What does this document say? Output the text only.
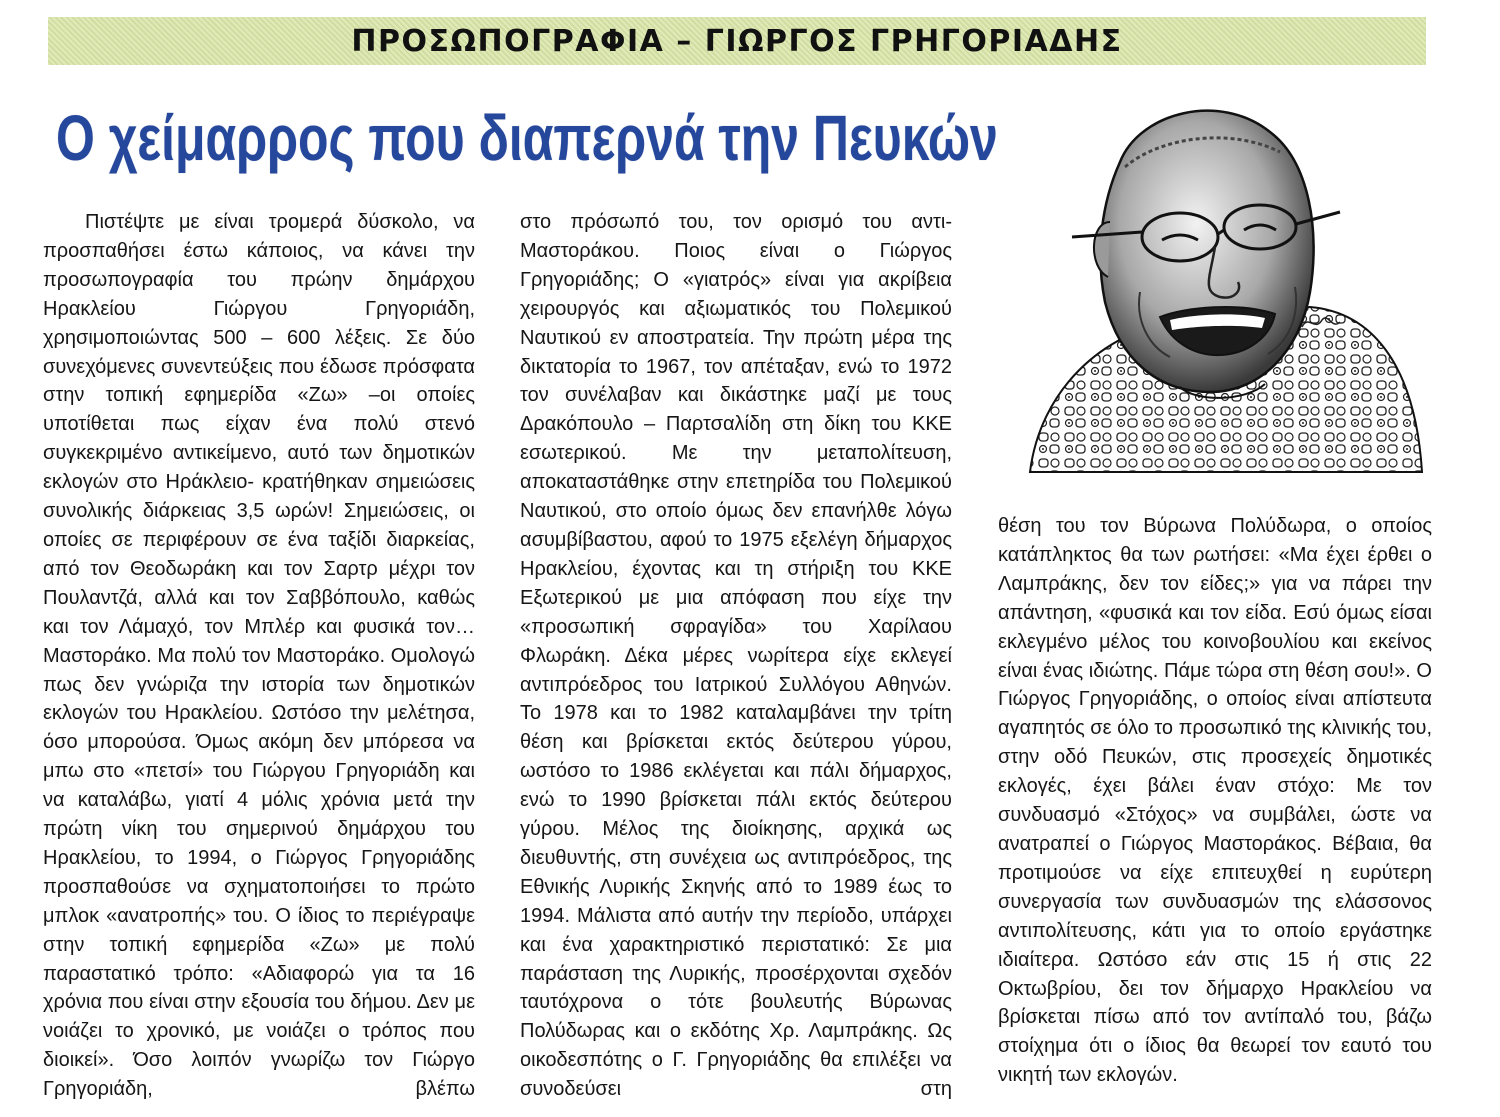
ΠΡΟΣΩΠΟΓΡΑΦΙΑ – ΓΙΩΡΓΟΣ ΓΡΗΓΟΡΙΑΔΗΣ
Ο χείμαρρος που διαπερνά την Πευκών

Πιστέψτε με είναι τρομερά δύσκολο, να προσπαθήσει έστω κάποιος, να κάνει την προσωπογραφία του πρώην δημάρχου Ηρακλείου Γιώργου Γρηγοριάδη, χρησιμοποιώντας 500 – 600 λέξεις. Σε δύο συνεχόμενες συνεντεύξεις που έδωσε πρόσφατα στην τοπική εφημερίδα «Ζω» –οι οποίες υποτίθεται πως είχαν ένα πολύ στενό συγκεκριμένο αντικείμενο, αυτό των δημοτικών εκλογών στο Ηράκλειο- κρατήθηκαν σημειώσεις συνολικής διάρκειας 3,5 ωρών! Σημειώσεις, οι οποίες σε περιφέρουν σε ένα ταξίδι διαρκείας, από τον Θεοδωράκη και τον Σαρτρ μέχρι τον Πουλαντζά, αλλά και τον Σαββόπουλο, καθώς και τον Λάμαχό, τον Μπλέρ και φυσικά τον… Μαστοράκο. Μα πολύ τον Μαστοράκο. Ομολογώ πως δεν γνώριζα την ιστορία των δημοτικών εκλογών του Ηρακλείου. Ωστόσο την μελέτησα, όσο μπορούσα. Όμως ακόμη δεν μπόρεσα να μπω στο «πετσί» του Γιώργου Γρηγοριάδη και να καταλάβω, γιατί 4 μόλις χρόνια μετά την πρώτη νίκη του σημερινού δημάρχου του Ηρακλείου, το 1994, ο Γιώργος Γρηγοριάδης προσπαθούσε να σχηματοποιήσει το πρώτο μπλοκ «ανατροπής» του. Ο ίδιος το περιέγραψε στην τοπική εφημερίδα «Ζω» με πολύ παραστατικό τρόπο: «Αδιαφορώ για τα 16 χρόνια που είναι στην εξουσία του δήμου. Δεν με νοιάζει το χρονικό, με νοιάζει ο τρόπος που διοικεί». Όσο λοιπόν γνωρίζω τον Γιώργο Γρηγοριάδη, βλέπω

στο πρόσωπό του, τον ορισμό του αντι-Μαστοράκου. Ποιος είναι ο Γιώργος Γρηγοριάδης; Ο «γιατρός» είναι για ακρίβεια χειρουργός και αξιωματικός του Πολεμικού Ναυτικού εν αποστρατεία. Την πρώτη μέρα της δικτατορία το 1967, τον απέταξαν, ενώ το 1972 τον συνέλαβαν και δικάστηκε μαζί με τους Δρακόπουλο – Παρτσαλίδη στη δίκη του ΚΚΕ εσωτερικού. Με την μεταπολίτευση, αποκαταστάθηκε στην επετηρίδα του Πολεμικού Ναυτικού, στο οποίο όμως δεν επανήλθε λόγω ασυμβίβαστου, αφού το 1975 εξελέγη δήμαρχος Ηρακλείου, έχοντας και τη στήριξη του ΚΚΕ Εξωτερικού με μια απόφαση που είχε την «προσωπική σφραγίδα» του Χαρίλαου Φλωράκη. Δέκα μέρες νωρίτερα είχε εκλεγεί αντιπρόεδρος του Ιατρικού Συλλόγου Αθηνών. Το 1978 και το 1982 καταλαμβάνει την τρίτη θέση και βρίσκεται εκτός δεύτερου γύρου, ωστόσο το 1986 εκλέγεται και πάλι δήμαρχος, ενώ το 1990 βρίσκεται πάλι εκτός δεύτερου γύρου. Μέλος της διοίκησης, αρχικά ως διευθυντής, στη συνέχεια ως αντιπρόεδρος, της Εθνικής Λυρικής Σκηνής από το 1989 έως το 1994. Μάλιστα από αυτήν την περίοδο, υπάρχει και ένα χαρακτηριστικό περιστατικό: Σε μια παράσταση της Λυρικής, προσέρχονται σχεδόν ταυτόχρονα ο τότε βουλευτής Βύρωνας Πολύδωρας και ο εκδότης Χρ. Λαμπράκης. Ως οικοδεσπότης ο Γ. Γρηγοριάδης θα επιλέξει να συνοδεύσει στη

θέση του τον Βύρωνα Πολύδωρα, ο οποίος κατάπληκτος θα των ρωτήσει: «Μα έχει έρθει ο Λαμπράκης, δεν τον είδες;» για να πάρει την απάντηση, «φυσικά και τον είδα. Εσύ όμως είσαι εκλεγμένο μέλος του κοινοβουλίου και εκείνος είναι ένας ιδιώτης. Πάμε τώρα στη θέση σου!». Ο Γιώργος Γρηγοριάδης, ο οποίος είναι απίστευτα αγαπητός σε όλο το προσωπικό της κλινικής του, στην οδό Πευκών, στις προσεχείς δημοτικές εκλογές, έχει βάλει έναν στόχο: Με τον συνδυασμό «Στόχος» να συμβάλει, ώστε να ανατραπεί ο Γιώργος Μαστοράκος. Βέβαια, θα προτιμούσε να είχε επιτευχθεί η ευρύτερη συνεργασία των συνδυασμών της ελάσσονος αντιπολίτευσης, κάτι για το οποίο εργάστηκε ιδιαίτερα. Ωστόσο εάν στις 15 ή στις 22 Οκτωβρίου, δει τον δήμαρχο Ηρακλείου να βρίσκεται πίσω από τον αντίπαλό του, βάζω στοίχημα ότι ο ίδιος θα θεωρεί τον εαυτό του νικητή των εκλογών.
